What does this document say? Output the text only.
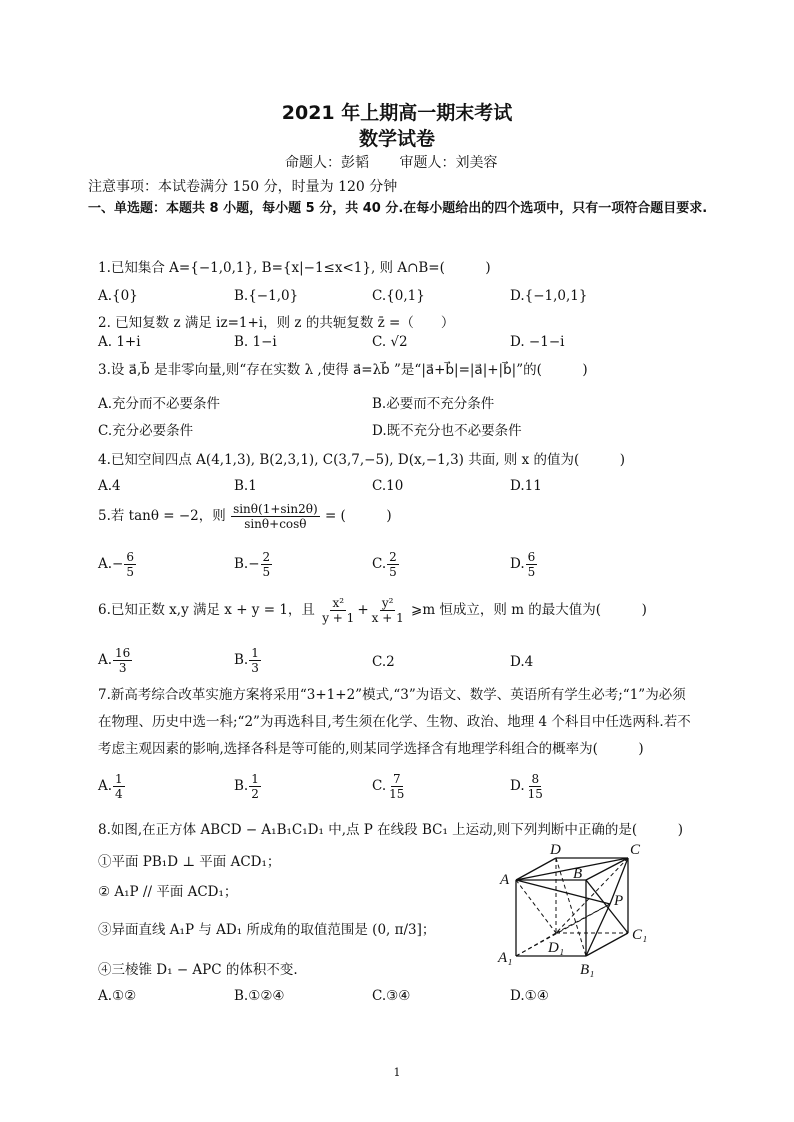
2021 年上期高一期末考试
数学试卷
命题人：彭韬 审题人：刘美容
注意事项：本试卷满分 150 分，时量为 120 分钟
一、单选题：本题共 8 小题，每小题 5 分，共 40 分.在每小题给出的四个选项中，只有一项符合题目要求.
1.已知集合 A={−1,0,1}, B={x|−1≤x<1}, 则 A∩B=(　　　)
A.{0}	B.{−1,0}	C.{0,1}	D.{−1,0,1}
2. 已知复数 z 满足 iz=1+i，则 z 的共轭复数 z̄ =（　　）
A. 1+i	B. 1−i	C. √2	D. −1−i
3.设 a⃗,b⃗ 是非零向量,则“存在实数 λ ,使得 a⃗=λb⃗ ”是“|a⃗+b⃗|=|a⃗|+|b⃗|”的(　　　)
A.充分而不必要条件	B.必要而不充分条件
C.充分必要条件	D.既不充分也不必要条件
4.已知空间四点 A(4,1,3), B(2,3,1), C(3,7,−5), D(x,−1,3) 共面, 则 x 的值为(　　　)
A.4	B.1	C.10	D.11
5.若 tanθ = −2，则 $\frac{\sin\theta(1+\sin 2\theta)}{\sin\theta+\cos\theta}$ = (　　　)
$A.- \frac{6}{5}$	$B.- \frac{2}{5}$	C. $\frac{2}{5}$	D. $\frac{6}{5}$
6.已知正数 x,y 满足 x + y = 1，且 $\frac{\text{x²}}{y + 1} + \frac{\text{y²}}{x + 1}$ ⩾m 恒成立，则 m 的最大值为(　　　)
A. $\frac{16}{3}$	B. $\frac{1}{3}$	C.2	D.4
7.新高考综合改革实施方案将采用“3+1+2”模式,“3”为语文、数学、英语所有学生必考;“1”为必须在物理、历史中选一科;“2”为再选科目,考生须在化学、生物、政治、地理 4 个科目中任选两科.若不考虑主观因素的影响,选择各科是等可能的,则某同学选择含有地理学科组合的概率为(　　　)
A. $\frac{1}{4}$	B. $\frac{1}{2}$	C. $\frac{7}{15}$	D. $\frac{8}{15}$
8.如图,在正方体 ABCD − A₁B₁C₁D₁ 中,点 P 在线段 BC₁ 上运动,则下列判断中正确的是(　　　)
①平面 PB₁D ⊥ 平面 ACD₁；
② A₁P // 平面 ACD₁；
③异面直线 A₁P 与 AD₁ 所成角的取值范围是 (0, π/3]；
④三棱锥 D₁ − APC 的体积不变.
A.①②	B.①②④	C.③④	D.①④
D	C
A	B
P
D₁
C₁
A₁
B₁
1
